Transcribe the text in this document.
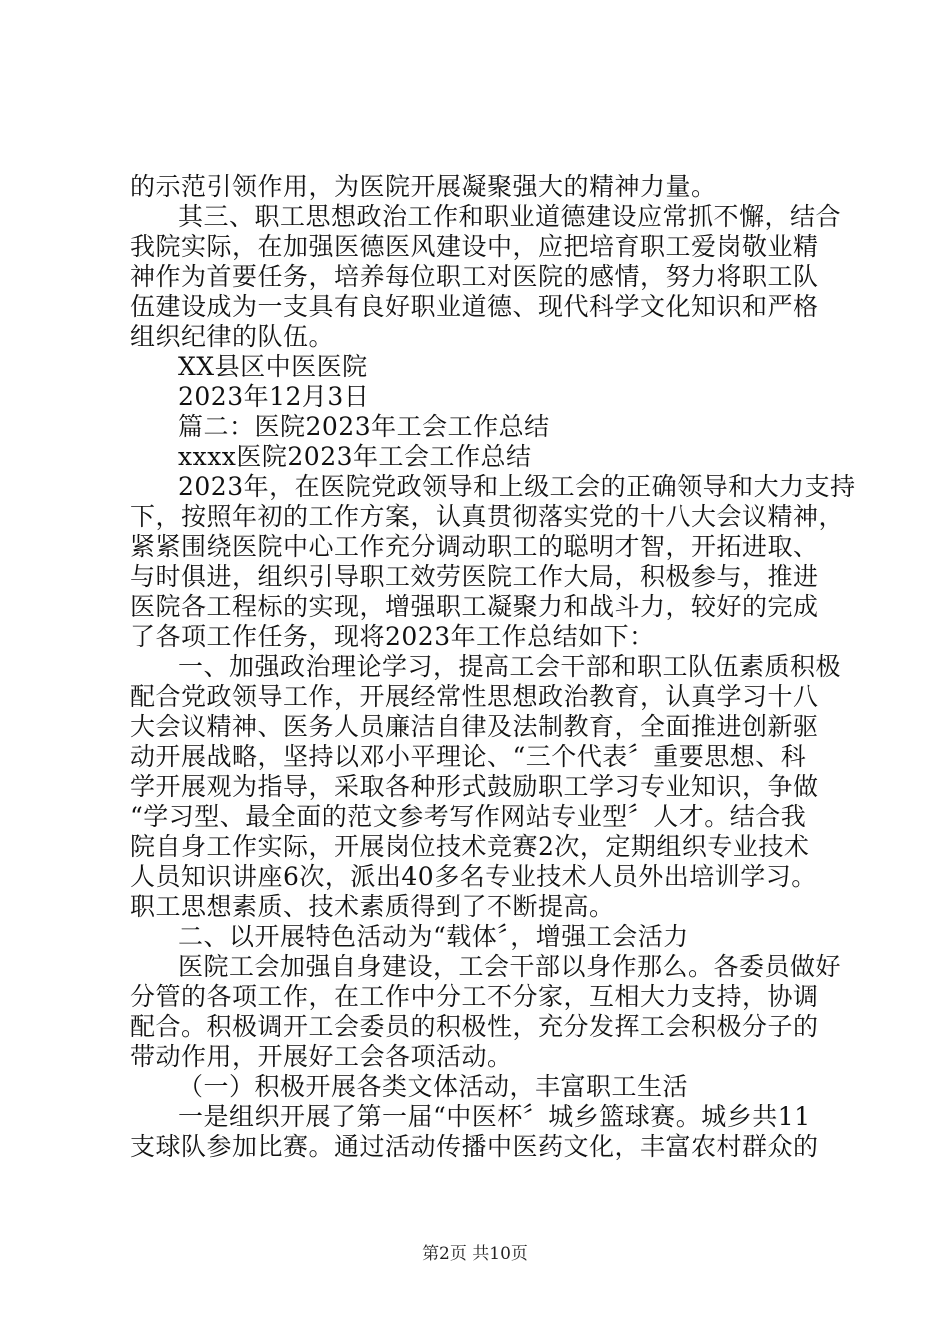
的示范引领作用，为医院开展凝聚强大的精神力量。
其三、职工思想政治工作和职业道德建设应常抓不懈，结合
我院实际，在加强医德医风建设中，应把培育职工爱岗敬业精
神作为首要任务，培养每位职工对医院的感情，努力将职工队
伍建设成为一支具有良好职业道德、现代科学文化知识和严格
组织纪律的队伍。
XX县区中医医院
2023年12月3日
篇二：医院2023年工会工作总结
xxxx医院2023年工会工作总结
2023年，在医院党政领导和上级工会的正确领导和大力支持
下，按照年初的工作方案，认真贯彻落实党的十八大会议精神，
紧紧围绕医院中心工作充分调动职工的聪明才智，开拓进取、
与时俱进，组织引导职工效劳医院工作大局，积极参与，推进
医院各工程标的实现，增强职工凝聚力和战斗力，较好的完成
了各项工作任务，现将2023年工作总结如下：
一、加强政治理论学习，提高工会干部和职工队伍素质积极
配合党政领导工作，开展经常性思想政治教育，认真学习十八
大会议精神、医务人员廉洁自律及法制教育，全面推进创新驱
动开展战略，坚持以邓小平理论、“三个代表〞重要思想、科
学开展观为指导，采取各种形式鼓励职工学习专业知识，争做
“学习型、最全面的范文参考写作网站专业型〞人才。结合我
院自身工作实际，开展岗位技术竞赛2次，定期组织专业技术
人员知识讲座6次，派出40多名专业技术人员外出培训学习。
职工思想素质、技术素质得到了不断提高。
二、以开展特色活动为“载体〞，增强工会活力
医院工会加强自身建设，工会干部以身作那么。各委员做好
分管的各项工作，在工作中分工不分家，互相大力支持，协调
配合。积极调开工会委员的积极性，充分发挥工会积极分子的
带动作用，开展好工会各项活动。
（一）积极开展各类文体活动，丰富职工生活
一是组织开展了第一届“中医杯〞城乡篮球赛。城乡共11
支球队参加比赛。通过活动传播中医药文化，丰富农村群众的
第2页 共10页
